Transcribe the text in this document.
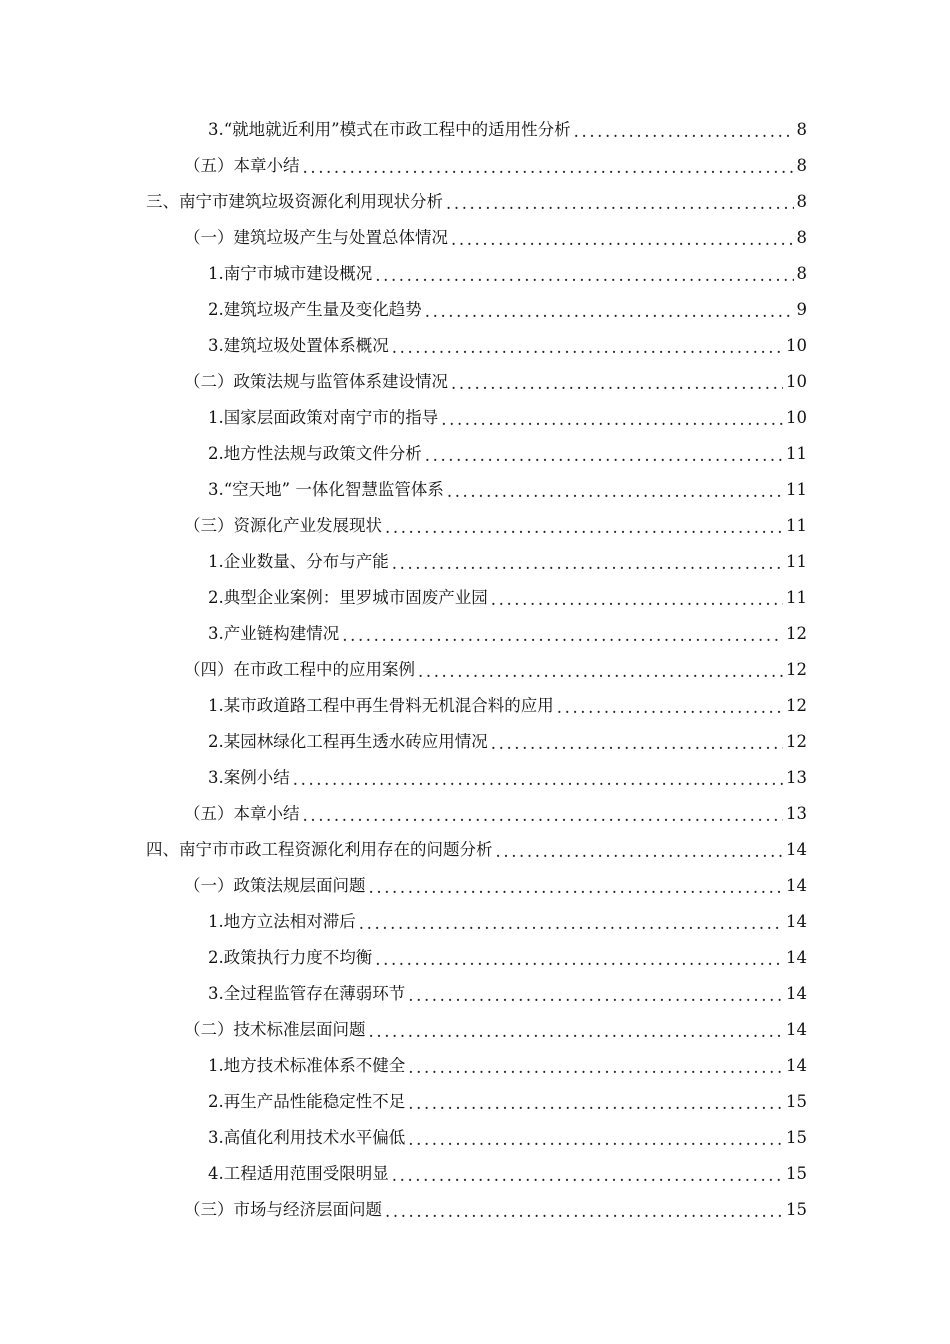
3.“就地就近利用”模式在市政工程中的适用性分析 .....	8
（五）本章小结 .....	8
三、南宁市建筑垃圾资源化利用现状分析 .....	8
（一）建筑垃圾产生与处置总体情况 .....	8
1.南宁市城市建设概况 .....	8
2.建筑垃圾产生量及变化趋势 .....	9
3.建筑垃圾处置体系概况 .....	10
（二）政策法规与监管体系建设情况 .....	10
1.国家层面政策对南宁市的指导 .....	10
2.地方性法规与政策文件分析 .....	11
3.“空天地” 一体化智慧监管体系 .....	11
（三）资源化产业发展现状 .....	11
1.企业数量、分布与产能 .....	11
2.典型企业案例：里罗城市固废产业园 .....	11
3.产业链构建情况 .....	12
（四）在市政工程中的应用案例 .....	12
1.某市政道路工程中再生骨料无机混合料的应用 .....	12
2.某园林绿化工程再生透水砖应用情况 .....	12
3.案例小结 .....	13
（五）本章小结 .....	13
四、南宁市市政工程资源化利用存在的问题分析 .....	14
（一）政策法规层面问题 .....	14
1.地方立法相对滞后 .....	14
2.政策执行力度不均衡 .....	14
3.全过程监管存在薄弱环节 .....	14
（二）技术标准层面问题 .....	14
1.地方技术标准体系不健全 .....	14
2.再生产品性能稳定性不足 .....	15
3.高值化利用技术水平偏低 .....	15
4.工程适用范围受限明显 .....	15
（三）市场与经济层面问题 .....	15
